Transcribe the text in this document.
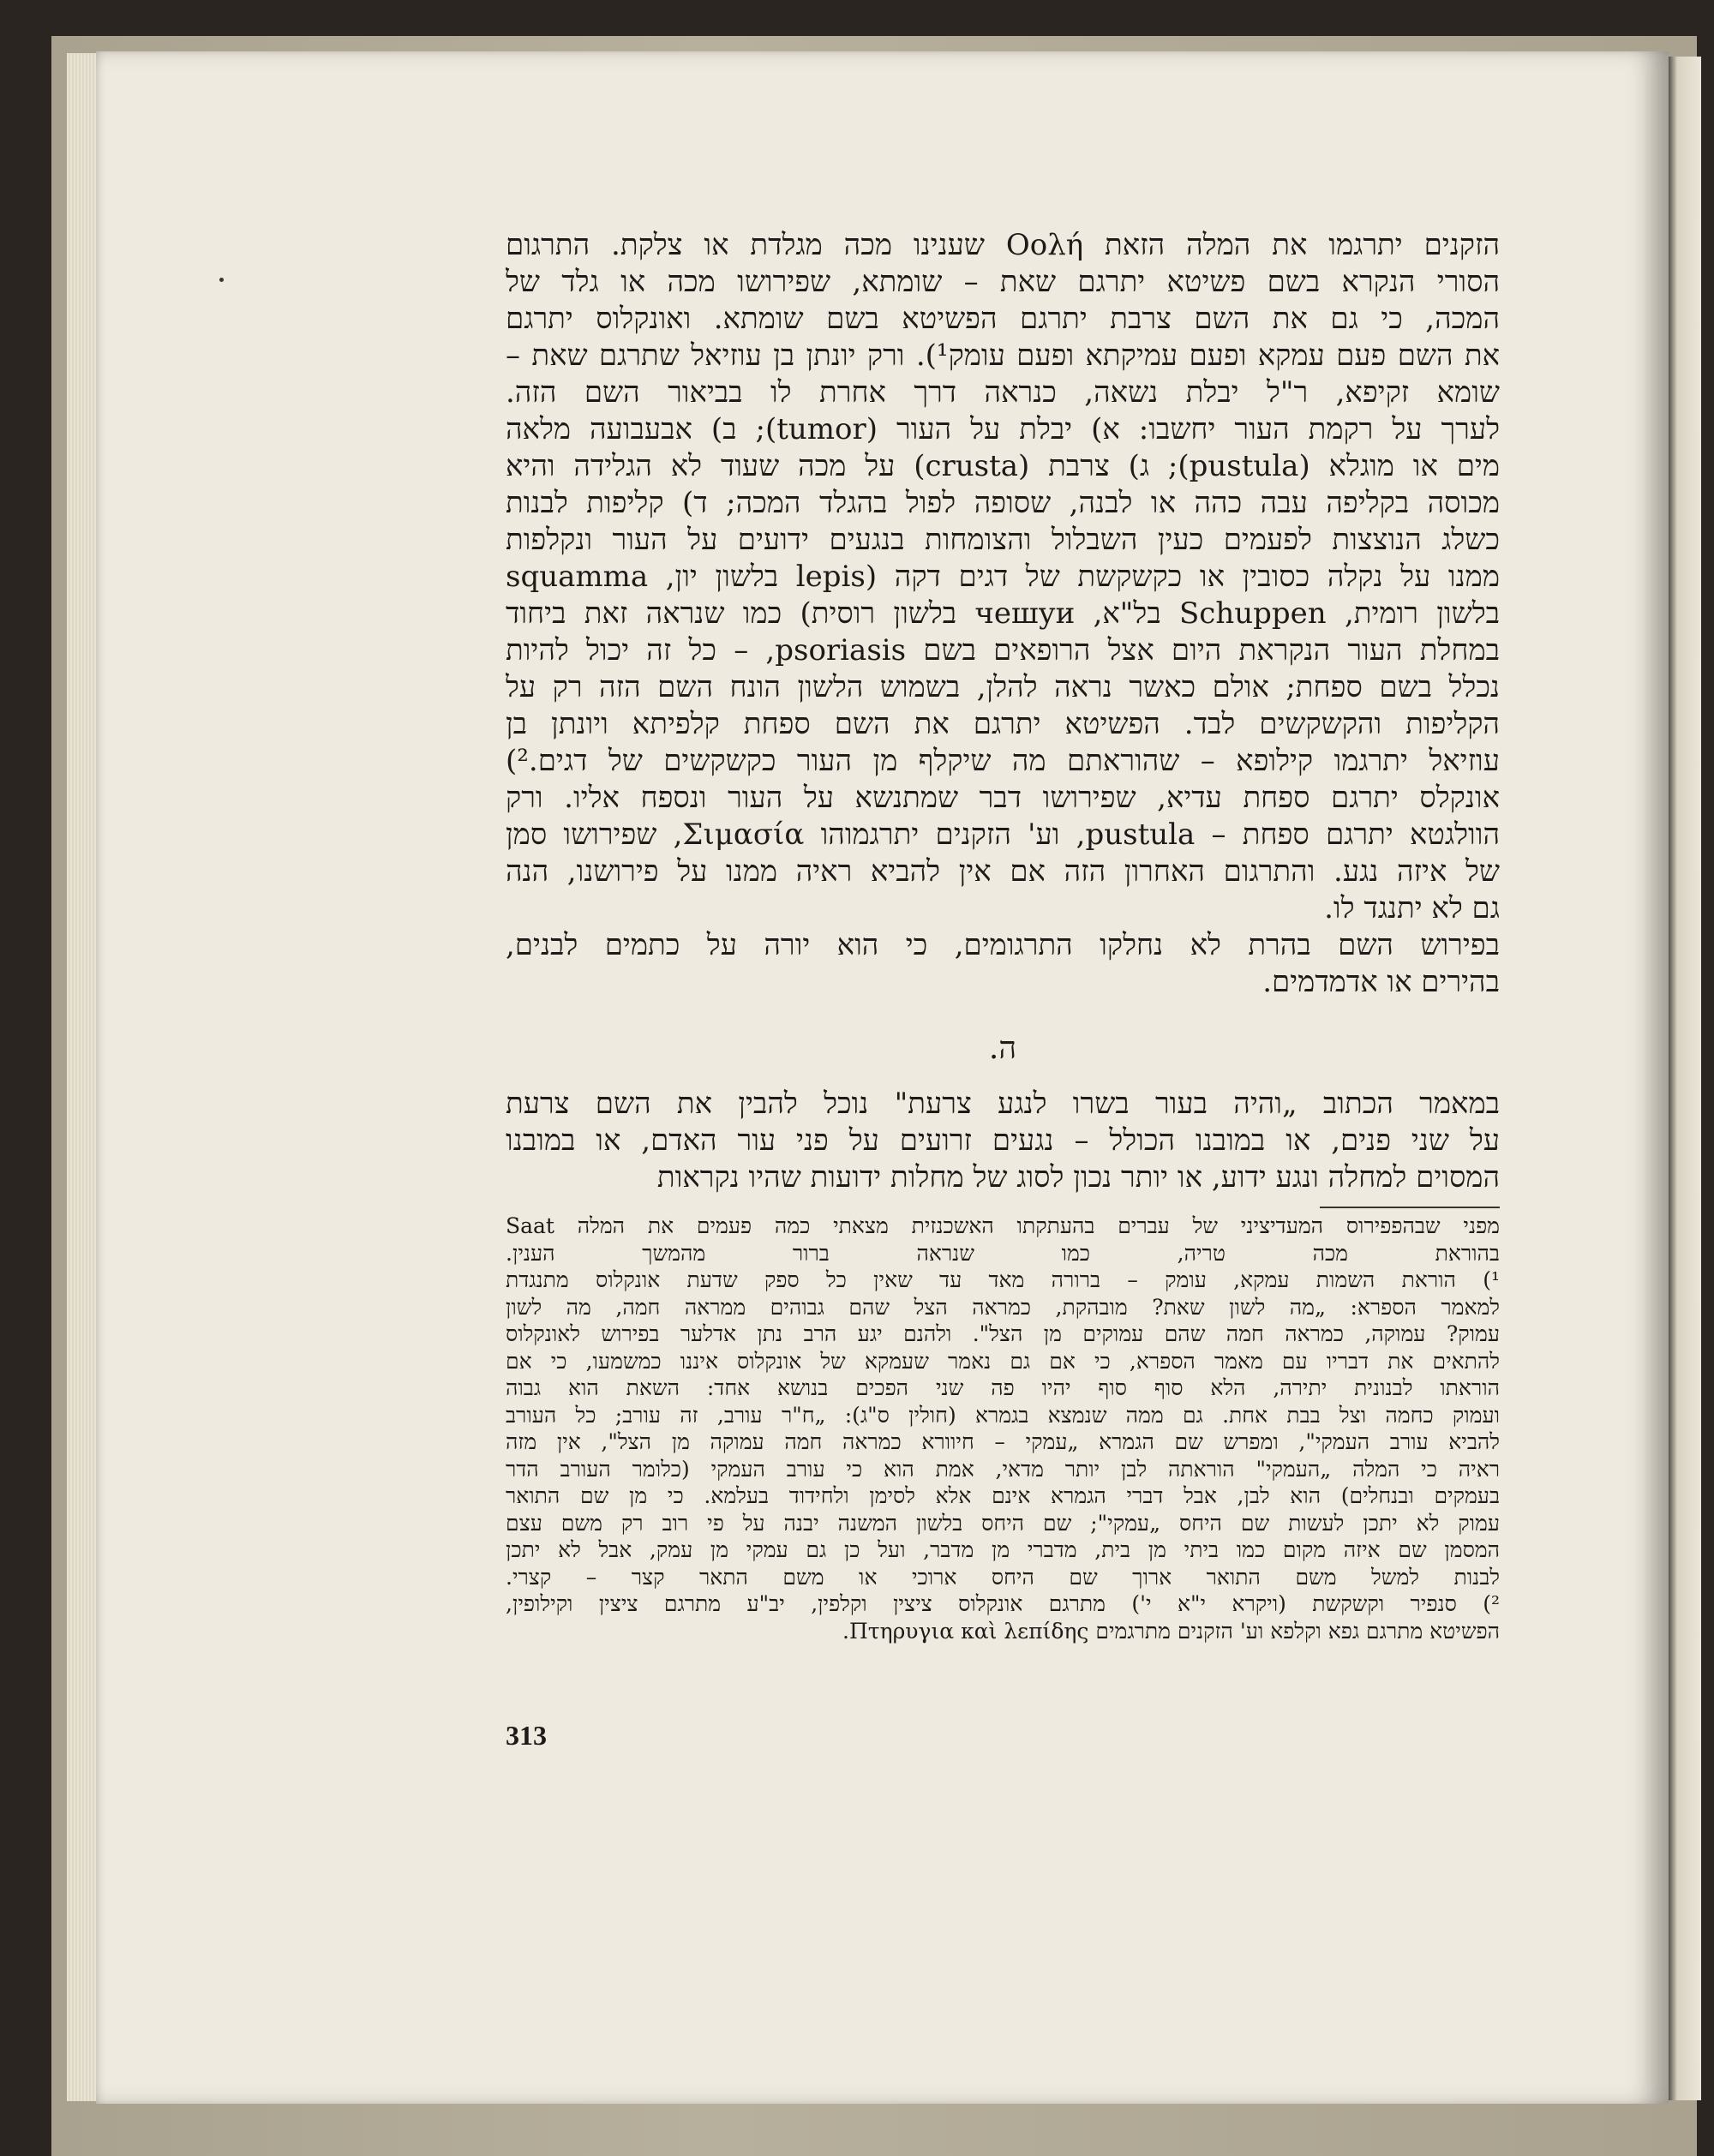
הזקנים יתרגמו את המלה הזאת Οολή שענינו מכה מגלדת או צלקת. התרגום
הסורי הנקרא בשם פשיטא יתרגם שאת – שומתא, שפירושו מכה או גלד של
המכה, כי גם את השם צרבת יתרגם הפשיטא בשם שומתא. ואונקלוס יתרגם
את השם פעם עמקא ופעם עמיקתא ופעם עומק¹). ורק יונתן בן עוזיאל שתרגם שאת –
שומא זקיפא, ר"ל יבלת נשאה, כנראה דרך אחרת לו בביאור השם הזה.
לערך על רקמת העור יחשבו: א) יבלת על העור (tumor); ב) אבעבועה מלאה
מים או מוגלא (pustula); ג) צרבת (crusta) על מכה שעוד לא הגלידה והיא
מכוסה בקליפה עבה כהה או לבנה, שסופה לפול בהגלד המכה; ד) קליפות לבנות
כשלג הנוצצות לפעמים כעין השבלול והצומחות בנגעים ידועים על העור ונקלפות
ממנו על נקלה כסובין או כקשקשת של דגים דקה (lepis בלשון יון, squamma
בלשון רומית, Schuppen בל"א, чешуи בלשון רוסית) כמו שנראה זאת ביחוד
במחלת העור הנקראת היום אצל הרופאים בשם psoriasis, – כל זה יכול להיות
נכלל בשם ספחת; אולם כאשר נראה להלן, בשמוש הלשון הונח השם הזה רק על
הקליפות והקשקשים לבד. הפשיטא יתרגם את השם ספחת קלפיתא ויונתן בן
עוזיאל יתרגמו קילופא – שהוראתם מה שיקלף מן העור כקשקשים של דגים.²)
אונקלס יתרגם ספחת עדיא, שפירושו דבר שמתנשא על העור ונספח אליו. ורק
הוולגטא יתרגם ספחת – pustula, וע' הזקנים יתרגמוהו Σιμασία, שפירושו סמן
של איזה נגע. והתרגום האחרון הזה אם אין להביא ראיה ממנו על פירושנו, הנה
גם לא יתנגד לו.
בפירוש השם בהרת לא נחלקו התרגומים, כי הוא יורה על כתמים לבנים,
בהירים או אדמדמים.
ה.
במאמר הכתוב „והיה בעור בשרו לנגע צרעת" נוכל להבין את השם צרעת
על שני פנים, או במובנו הכולל – נגעים זרועים על פני עור האדם, או במובנו
המסוים למחלה ונגע ידוע, או יותר נכון לסוג של מחלות ידועות שהיו נקראות
מפני שבהפפירוס המעדיציני של עברים בהעתקתו האשכנזית מצאתי כמה פעמים את המלה Saat
בהוראת מכה טריה, כמו שנראה ברור מהמשך הענין.
¹) הוראת השמות עמקא, עומק – ברורה מאד עד שאין כל ספק שדעת אונקלוס מתנגדת
למאמר הספרא: „מה לשון שאת? מובהקת, כמראה הצל שהם גבוהים ממראה חמה, מה לשון
עמוק? עמוקה, כמראה חמה שהם עמוקים מן הצל". ולהנם יגע הרב נתן אדלער בפירוש לאונקלוס
להתאים את דבריו עם מאמר הספרא, כי אם גם נאמר שעמקא של אונקלוס איננו כמשמעו, כי אם
הוראתו לבנונית יתירה, הלא סוף סוף יהיו פה שני הפכים בנושא אחד: השאת הוא גבוה
ועמוק כחמה וצל בבת אחת. גם ממה שנמצא בגמרא (חולין ס"ג): „ח"ר עורב, זה עורב; כל העורב
להביא עורב העמקי", ומפרש שם הגמרא „עמקי – חיוורא כמראה חמה עמוקה מן הצל", אין מזה
ראיה כי המלה „העמקי" הוראתה לבן יותר מדאי, אמת הוא כי עורב העמקי (כלומר העורב הדר
בעמקים ובנחלים) הוא לבן, אבל דברי הגמרא אינם אלא לסימן ולחידוד בעלמא. כי מן שם התואר
עמוק לא יתכן לעשות שם היחס „עמקי"; שם היחס בלשון המשנה יבנה על פי רוב רק משם עצם
המסמן שם איזה מקום כמו ביתי מן בית, מדברי מן מדבר, ועל כן גם עמקי מן עמק, אבל לא יתכן
לבנות למשל משם התואר ארוך שם היחס ארוכי או משם התאר קצר – קצרי.
²) סנפיר וקשקשת (ויקרא י"א י') מתרגם אונקלוס ציצין וקלפין, יב"ע מתרגם ציצין וקילופין,
הפשיטא מתרגם גפא וקלפא וע' הזקנים מתרגמים Πτηρυγια καὶ λεπίδης.
313
